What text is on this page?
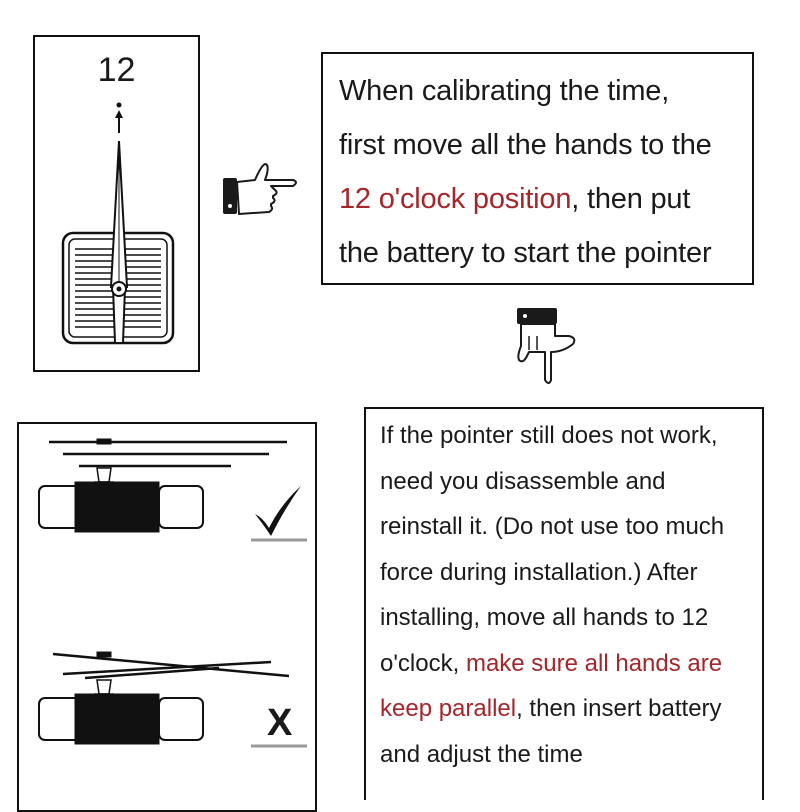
12
When calibrating the time,
first move all the hands to the
12 o'clock position, then put
the battery to start the pointer
X
If the pointer still does not work,
need you disassemble and
reinstall it. (Do not use too much
force during installation.) After
installing, move all hands to 12
o'clock, make sure all hands are
keep parallel, then insert battery
and adjust the time
